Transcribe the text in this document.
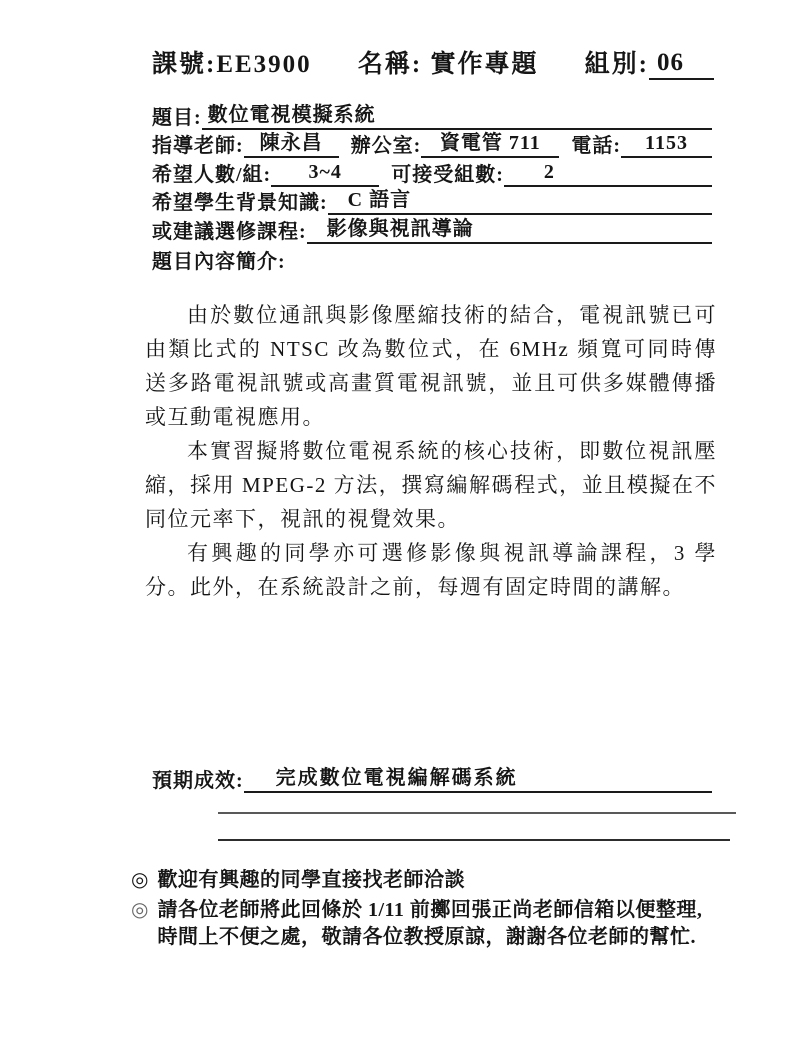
課號:EE3900 名稱: 實作專題 組別: 06
題目: 數位電視模擬系統
指導老師: 陳永昌	辦公室: 資電管 711	電話:	1153
希望人數/組:	3~4	可接受組數:	2
希望學生背景知識:	C 語言
或建議選修課程:	影像與視訊導論
題目內容簡介:

由於數位通訊與影像壓縮技術的結合，電視訊號已可由類比式的 NTSC 改為數位式，在 6MHz 頻寬可同時傳送多路電視訊號或高畫質電視訊號，並且可供多媒體傳播或互動電視應用。

本實習擬將數位電視系統的核心技術，即數位視訊壓縮，採用 MPEG-2 方法，撰寫編解碼程式，並且模擬在不同位元率下，視訊的視覺效果。

有興趣的同學亦可選修影像與視訊導論課程，3 學分。此外，在系統設計之前，每週有固定時間的講解。

預期成效:	完成數位電視編解碼系統
◎ 歡迎有興趣的同學直接找老師洽談
◎ 請各位老師將此回條於 1/11 前擲回張正尚老師信箱以便整理, 時間上不便之處，敬請各位教授原諒，謝謝各位老師的幫忙.
